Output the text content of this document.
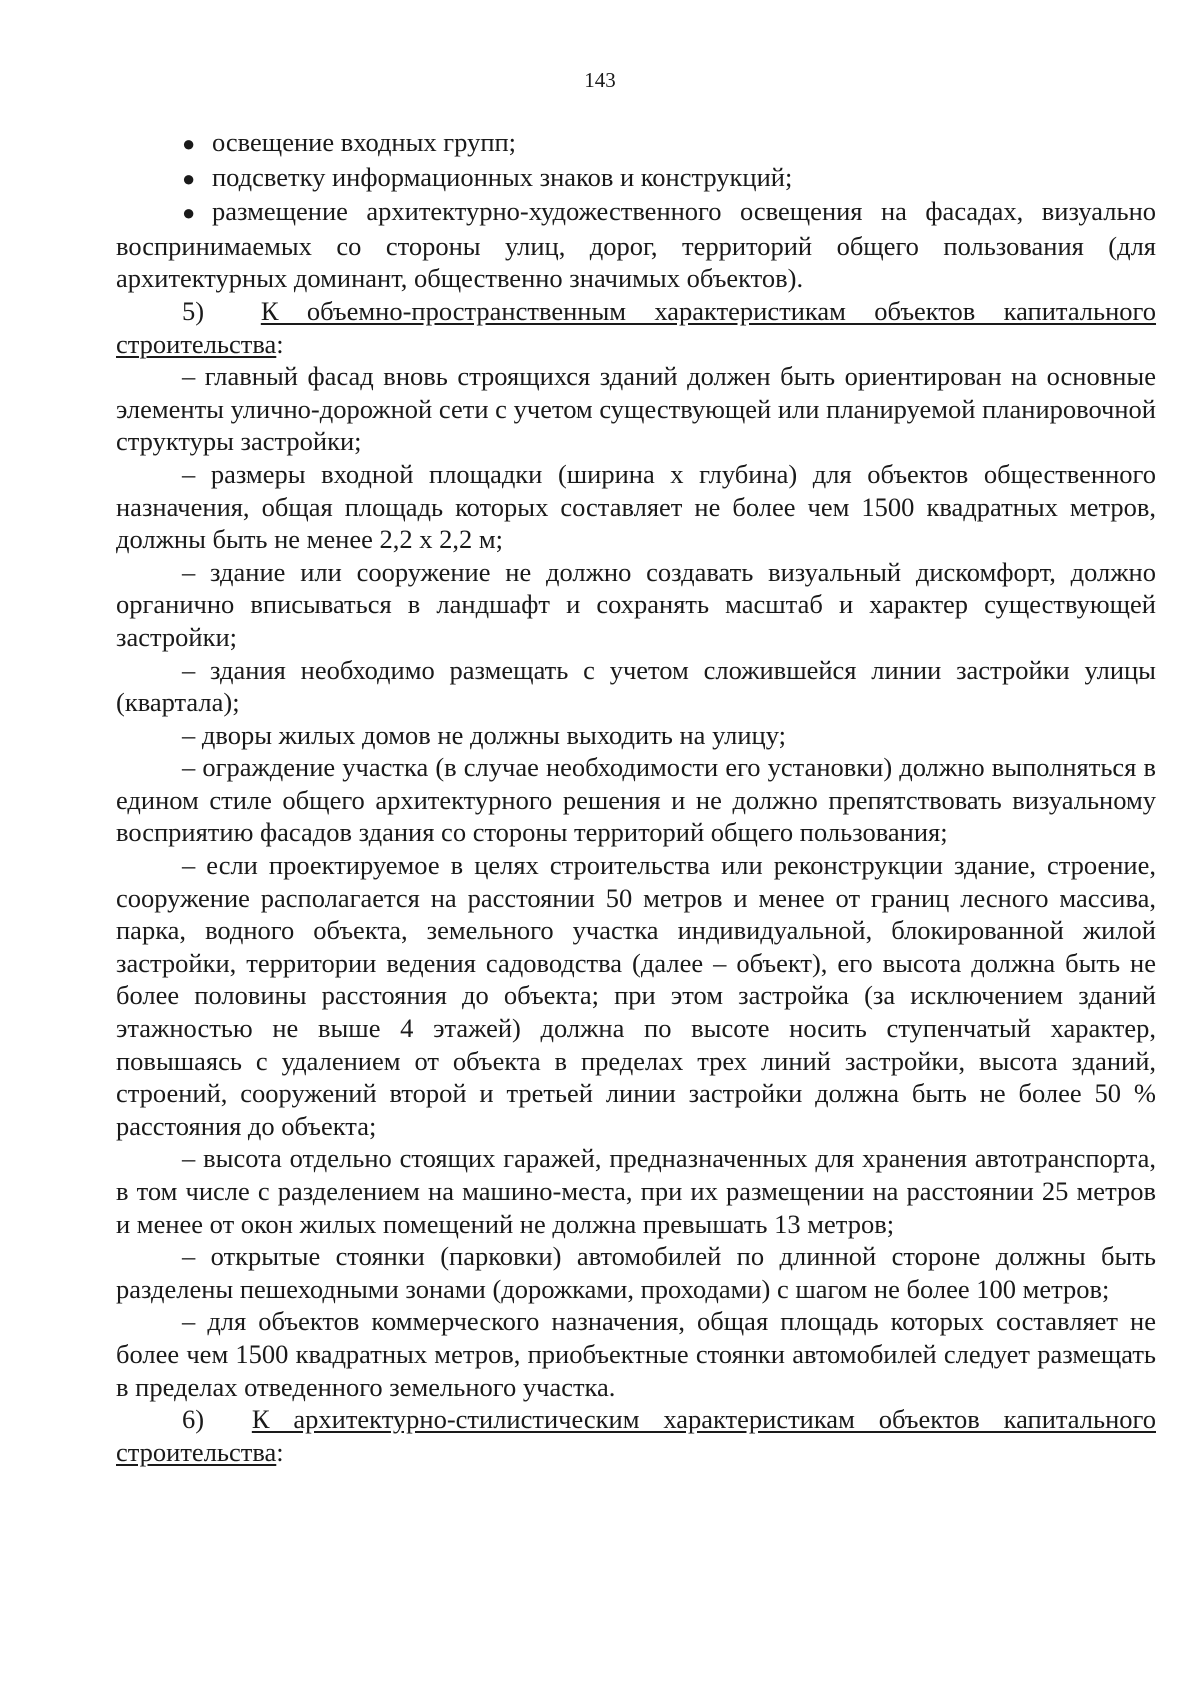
143

● освещение входных групп;

● подсветку информационных знаков и конструкций;

● размещение архитектурно-художественного освещения на фасадах, визуально воспринимаемых со стороны улиц, дорог, территорий общего пользования (для архитектурных доминант, общественно значимых объектов).

5) К объемно-пространственным характеристикам объектов капитального строительства:

– главный фасад вновь строящихся зданий должен быть ориентирован на основные элементы улично-дорожной сети с учетом существующей или планируемой планировочной структуры застройки;

– размеры входной площадки (ширина х глубина) для объектов общественного назначения, общая площадь которых составляет не более чем 1500 квадратных метров, должны быть не менее 2,2 х 2,2 м;

– здание или сооружение не должно создавать визуальный дискомфорт, должно органично вписываться в ландшафт и сохранять масштаб и характер существующей застройки;

– здания необходимо размещать с учетом сложившейся линии застройки улицы (квартала);

– дворы жилых домов не должны выходить на улицу;

– ограждение участка (в случае необходимости его установки) должно выполняться в едином стиле общего архитектурного решения и не должно препятствовать визуальному восприятию фасадов здания со стороны территорий общего пользования;

– если проектируемое в целях строительства или реконструкции здание, строение, сооружение располагается на расстоянии 50 метров и менее от границ лесного массива, парка, водного объекта, земельного участка индивидуальной, блокированной жилой застройки, территории ведения садоводства (далее – объект), его высота должна быть не более половины расстояния до объекта; при этом застройка (за исключением зданий этажностью не выше 4 этажей) должна по высоте носить ступенчатый характер, повышаясь с удалением от объекта в пределах трех линий застройки, высота зданий, строений, сооружений второй и третьей линии застройки должна быть не более 50 % расстояния до объекта;

– высота отдельно стоящих гаражей, предназначенных для хранения автотранспорта, в том числе с разделением на машино-места, при их размещении на расстоянии 25 метров и менее от окон жилых помещений не должна превышать 13 метров;

– открытые стоянки (парковки) автомобилей по длинной стороне должны быть разделены пешеходными зонами (дорожками, проходами) с шагом не более 100 метров;

– для объектов коммерческого назначения, общая площадь которых составляет не более чем 1500 квадратных метров, приобъектные стоянки автомобилей следует размещать в пределах отведенного земельного участка.

6) К архитектурно-стилистическим характеристикам объектов капитального строительства:
